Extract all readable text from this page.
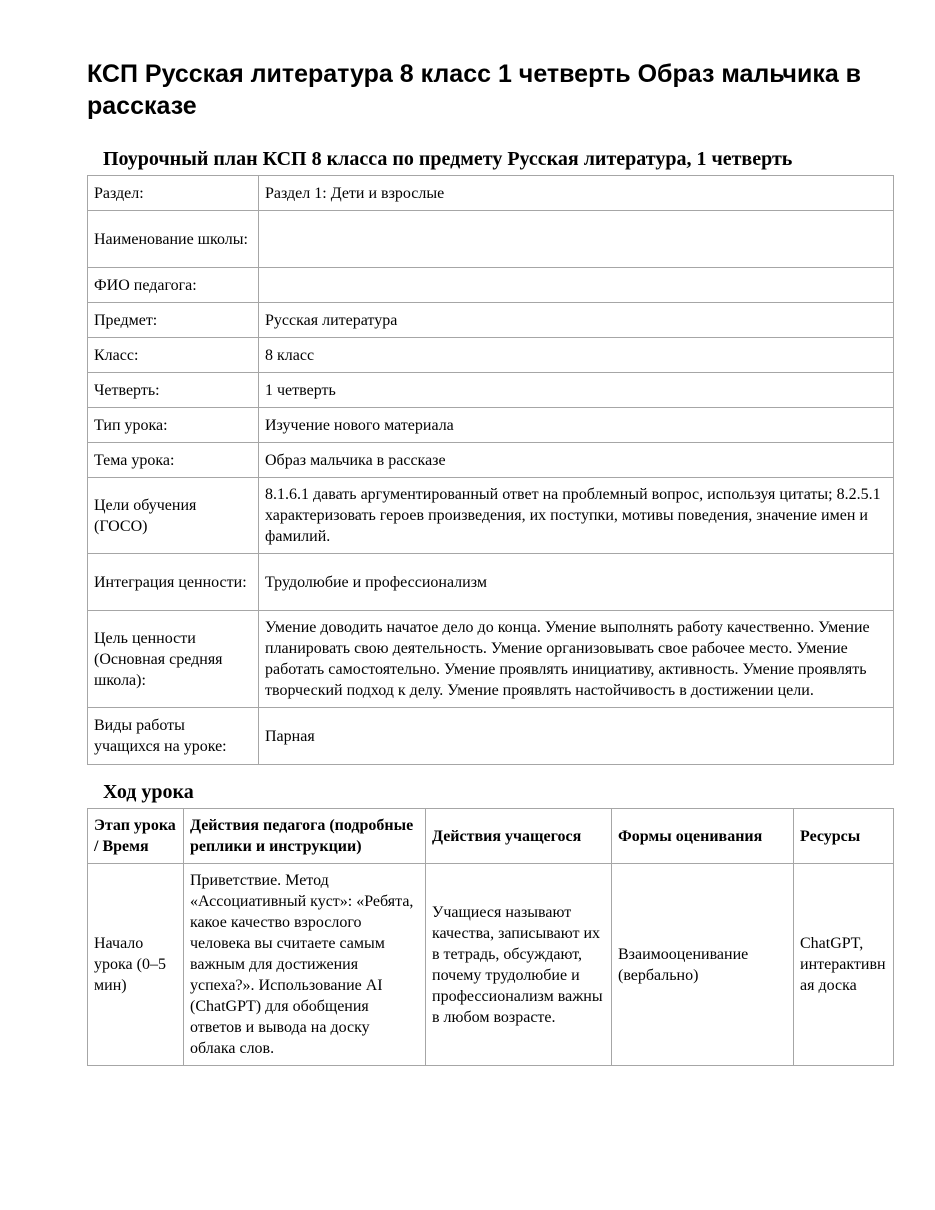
КСП Русская литература 8 класс 1 четверть Образ мальчика в рассказе
Поурочный план КСП 8 класса по предмету Русская литература, 1 четверть
Раздел:	Раздел 1: Дети и взрослые
Наименование школы:	
ФИО педагога:	
Предмет:	Русская литература
Класс:	8 класс
Четверть:	1 четверть
Тип урока:	Изучение нового материала
Тема урока:	Образ мальчика в рассказе
Цели обучения (ГОСО)	8.1.6.1 давать аргументированный ответ на проблемный вопрос, используя цитаты; 8.2.5.1 характеризовать героев произведения, их поступки, мотивы поведения, значение имен и фамилий.
Интеграция ценности:	Трудолюбие и профессионализм
Цель ценности (Основная средняя школа):	Умение доводить начатое дело до конца. Умение выполнять работу качественно. Умение планировать свою деятельность. Умение организовывать свое рабочее место. Умение работать самостоятельно. Умение проявлять инициативу, активность. Умение проявлять творческий подход к делу. Умение проявлять настойчивость в достижении цели.
Виды работы учащихся на уроке:	Парная
Ход урока
Этап урока / Время	Действия педагога (подробные реплики и инструкции)	Действия учащегося	Формы оценивания	Ресурсы
Начало урока (0–5 мин)	Приветствие. Метод «Ассоциативный куст»: «Ребята, какое качество взрослого человека вы считаете самым важным для достижения успеха?». Использование AI (ChatGPT) для обобщения ответов и вывода на доску облака слов.	Учащиеся называют качества, записывают их в тетрадь, обсуждают, почему трудолюбие и профессионализм важны в любом возрасте.	Взаимооценивание (вербально)	ChatGPT, интерактивная доска
